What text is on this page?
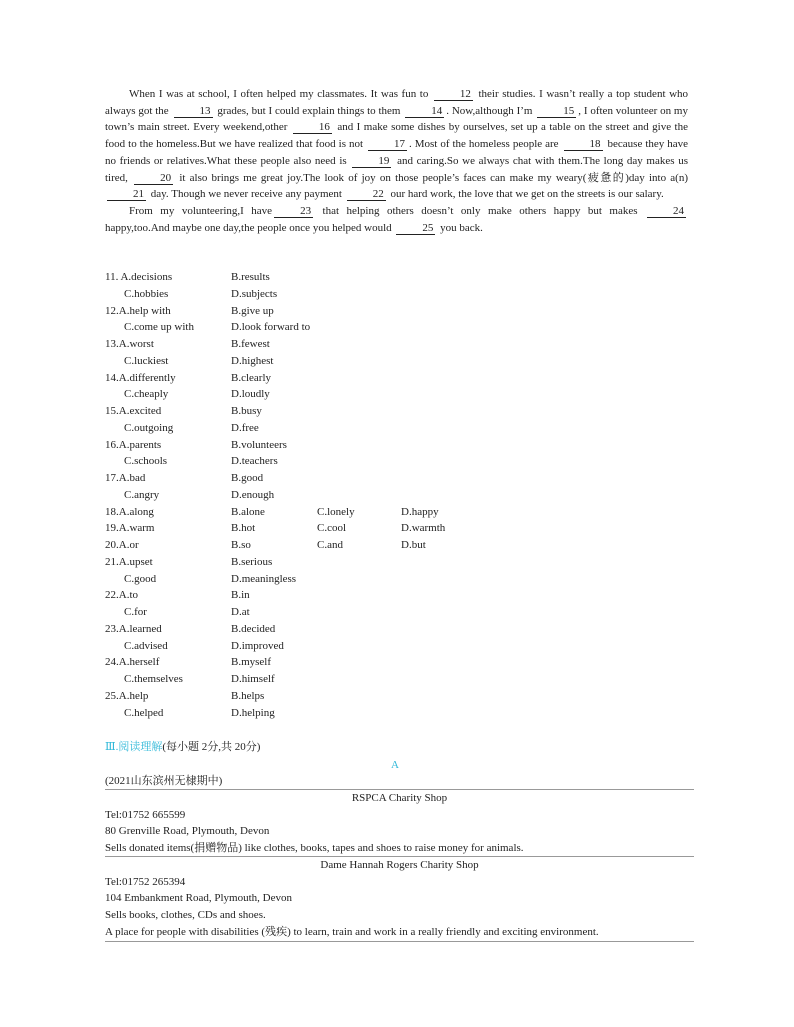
When I was at school, I often helped my classmates. It was fun to	12 their studies. I wasn’t really a top student who always got the	13 grades, but I could explain things to them	14 . Now,although I’m	15 , I often volunteer on my town’s main street. Every weekend,other	16 and I make some dishes by ourselves, set up a table on the street and give the food to the homeless.But we have realized that food is not	17 . Most of the homeless people are	18 because they have no friends or relatives.What these people also need is	19 and caring.So we always chat with them.The long day makes us tired,	20 it also brings me great joy.The look of joy on those people’s faces can make my weary(疲惫的)day into a(n) 21 day. Though we never receive any payment	22 our hard work, the love that we get on the streets is our salary.

From my volunteering,I have	23 that helping others doesn’t only make others happy but makes	24 happy,too.And maybe one day,the people once you helped would	25 you back.

11. A.decisions	B.results
C.hobbies	D.subjects
12.A.help with	B.give up
C.come up with	D.look forward to
13.A.worst	B.fewest
C.luckiest	D.highest
14.A.differently	B.clearly
C.cheaply	D.loudly
15.A.excited	B.busy
C.outgoing	D.free
16.A.parents	B.volunteers
C.schools	D.teachers
17.A.bad	B.good
C.angry	D.enough
18.A.along	B.alone	C.lonely	D.happy
19.A.warm	B.hot	C.cool	D.warmth
20.A.or	B.so	C.and	D.but
21.A.upset	B.serious
C.good	D.meaningless
22.A.to	B.in
C.for	D.at
23.A.learned	B.decided
C.advised	D.improved
24.A.herself	B.myself
C.themselves	D.himself
25.A.help	B.helps
C.helped	D.helping
Ⅲ.阅读理解(每小题 2分,共 20分)
A
(2021山东滨州无棣期中)
RSPCA Charity Shop
Tel:01752 665599
80 Grenville Road, Plymouth, Devon
Sells donated items(捐赠物品) like clothes, books, tapes and shoes to raise money for animals.
Dame Hannah Rogers Charity Shop
Tel:01752 265394
104 Embankment Road, Plymouth, Devon
Sells books, clothes, CDs and shoes.
A place for people with disabilities (残疾) to learn, train and work in a really friendly and exciting environment.
